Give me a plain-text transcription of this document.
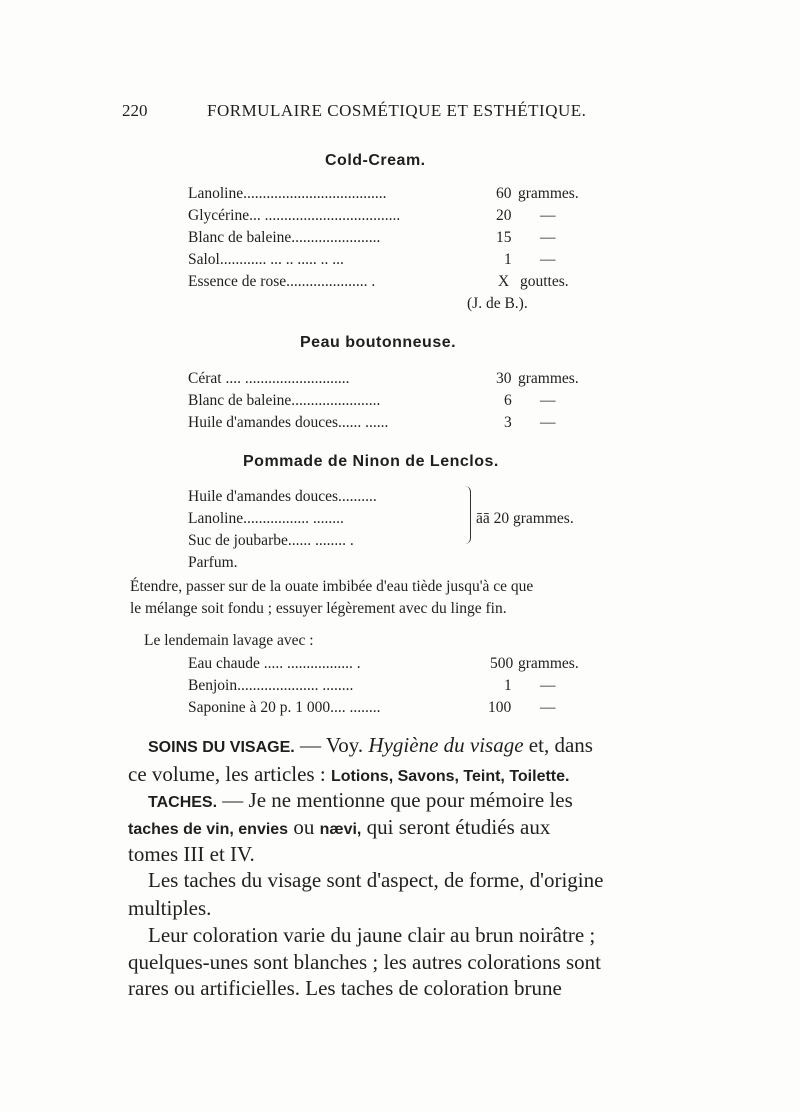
220	FORMULAIRE COSMÉTIQUE ET ESTHÉTIQUE.
Cold-Cream.
Lanoline.....................................	60 grammes.
Glycérine... ...................................	20 —
Blanc de baleine.......................	15 —
Salol............ ... .. ..... .. ...	1 —
Essence de rose..................... .	X gouttes.
(J. de B.).
Peau boutonneuse.
Cérat .... ...........................	30 grammes.
Blanc de baleine.......................	6 —
Huile d'amandes douces...... ......	3 —
Pommade de Ninon de Lenclos.
Huile d'amandes douces..........
Lanoline................. ........
Suc de joubarbe...... ........ .
Parfum.
āā 20 grammes.
Étendre, passer sur de la ouate imbibée d'eau tiède jusqu'à ce que
le mélange soit fondu ; essuyer légèrement avec du linge fin.
Le lendemain lavage avec :
Eau chaude ..... ................. .	500 grammes.
Benjoin..................... ........	1 —
Saponine à 20 p. 1 000.... ........	100 —
SOINS DU VISAGE. — Voy. Hygiène du visage et, dans
ce volume, les articles : Lotions, Savons, Teint, Toilette.
TACHES. — Je ne mentionne que pour mémoire les
taches de vin, envies ou nævi, qui seront étudiés aux
tomes III et IV.
Les taches du visage sont d'aspect, de forme, d'origine
multiples.
Leur coloration varie du jaune clair au brun noirâtre ;
quelques-unes sont blanches ; les autres colorations sont
rares ou artificielles. Les taches de coloration brune
